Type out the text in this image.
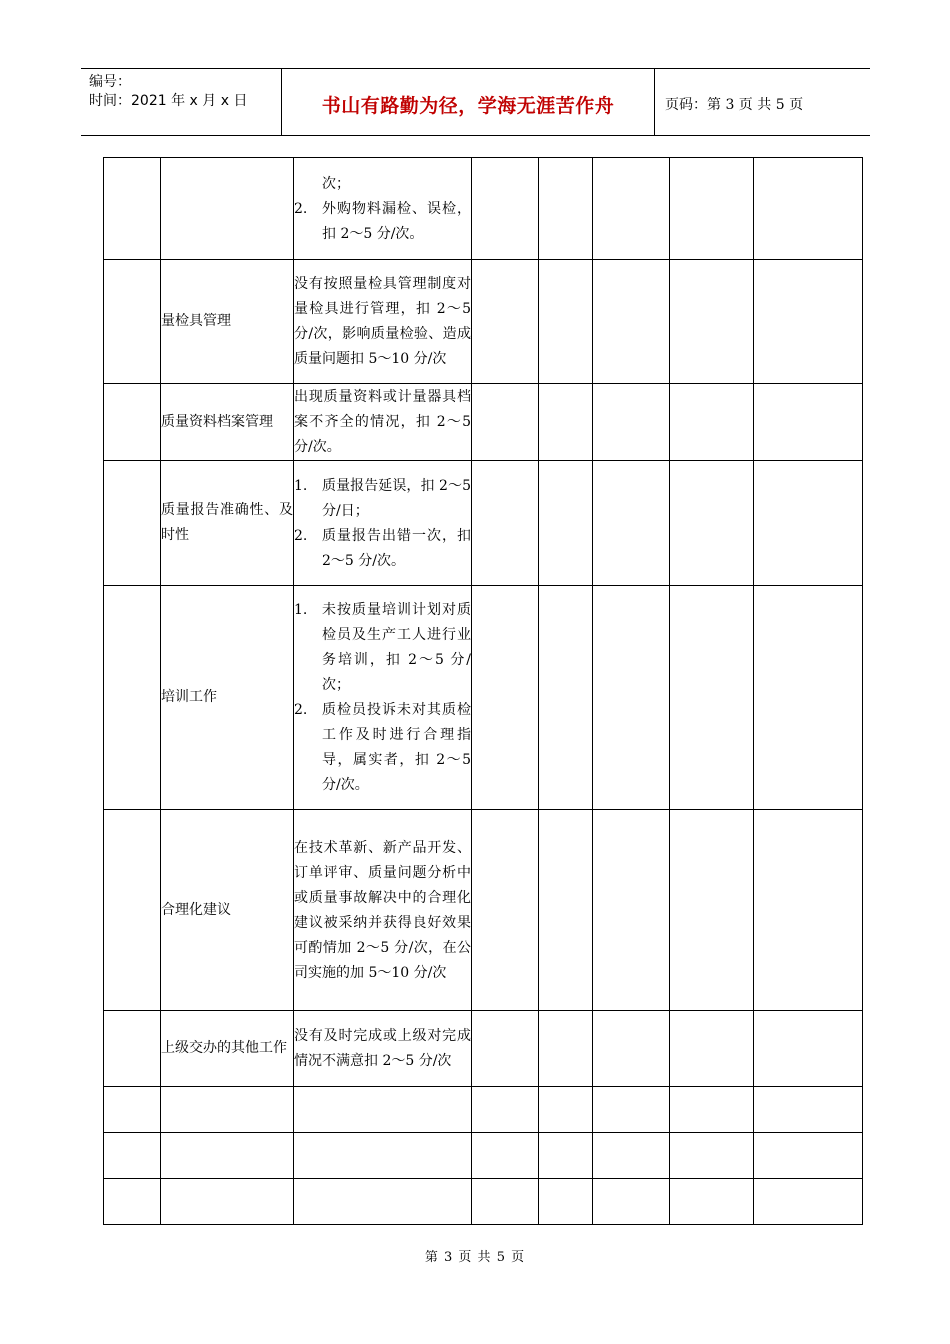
编号：
时间：2021 年 x 月 x 日	书山有路勤为径，学海无涯苦作舟	页码：第 3 页 共 5 页

		次；
2. 外购物料漏检、误检，扣 2～5 分/次。					

	量检具管理	没有按照量检具管理制度对量检具进行管理，扣 2～5 分/次，影响质量检验、造成质量问题扣 5～10 分/次					

	质量资料档案管理	出现质量资料或计量器具档案不齐全的情况，扣 2～5 分/次。					

	质量报告准确性、及时性	1. 质量报告延误，扣 2～5 分/日；
2. 质量报告出错一次，扣 2～5 分/次。					

	培训工作	1. 未按质量培训计划对质检员及生产工人进行业务培训，扣 2～5 分/次；
2. 质检员投诉未对其质检工作及时进行合理指导，属实者，扣 2～5 分/次。					

	合理化建议	在技术革新、新产品开发、订单评审、质量问题分析中或质量事故解决中的合理化建议被采纳并获得良好效果可酌情加 2～5 分/次，在公司实施的加 5～10 分/次					

	上级交办的其他工作	没有及时完成或上级对完成情况不满意扣 2～5 分/次					

第 3 页 共 5 页
